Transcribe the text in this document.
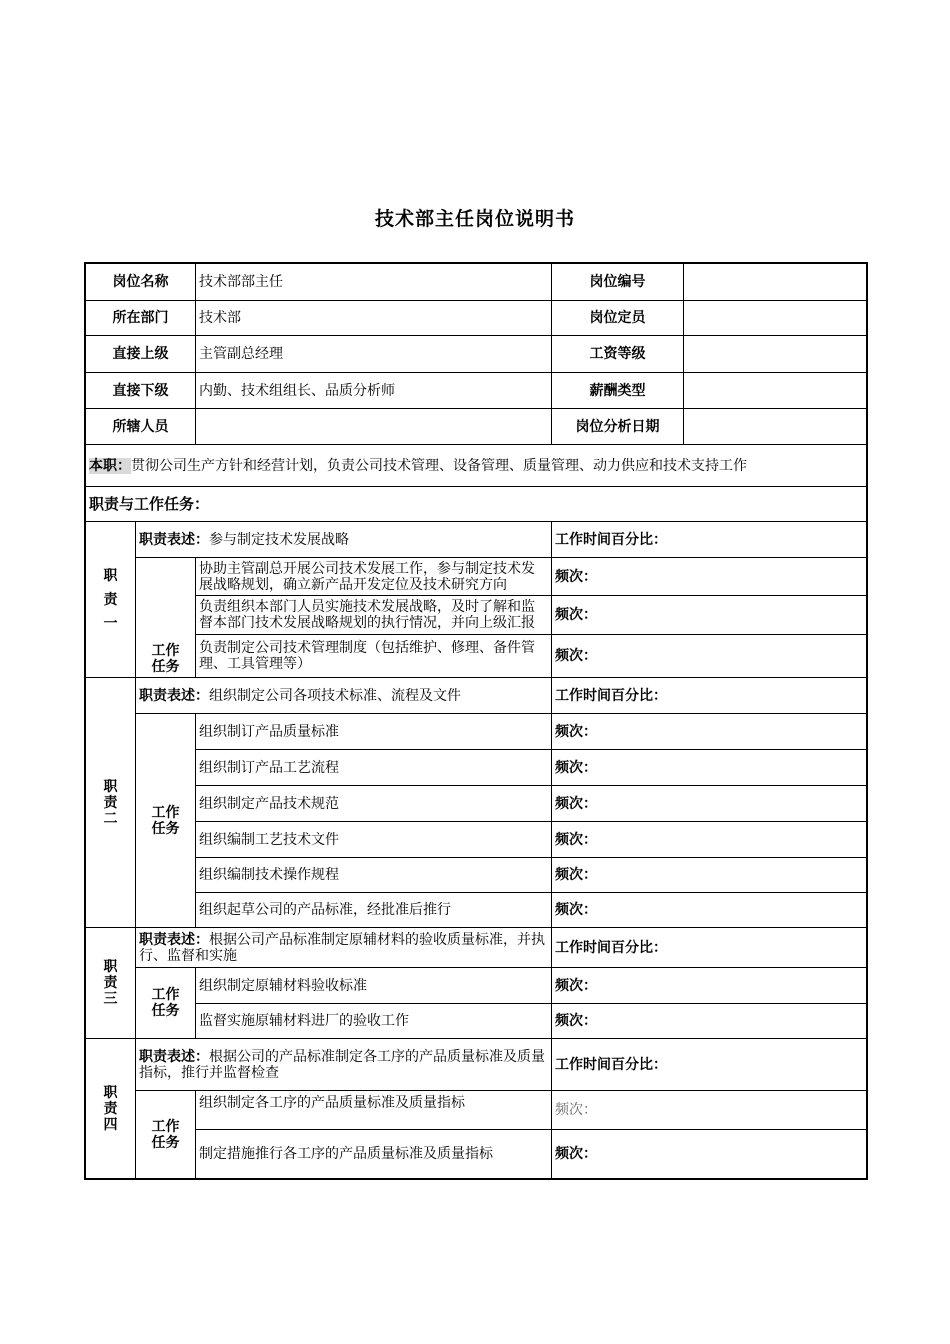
技术部主任岗位说明书
岗位名称		技术部部主任	岗位编号	
所在部门		技术部	岗位定员	
直接上级		主管副总经理	工资等级	
直接下级		内勤、技术组组长、品质分析师	薪酬类型	
所辖人员			岗位分析日期	
本职：贯彻公司生产方针和经营计划，负责公司技术管理、设备管理、质量管理、动力供应和技术支持工作				
职责与工作任务：				
职责一	职责表述：参与制定技术发展战略		工作时间百分比：	
	工作任务	协助主管副总开展公司技术发展工作，参与制定技术发展战略规划，确立新产品开发定位及技术研究方向	频次：	
		负责组织本部门人员实施技术发展战略，及时了解和监督本部门技术发展战略规划的执行情况，并向上级汇报	频次：	
		负责制定公司技术管理制度（包括维护、修理、备件管理、工具管理等）	频次：	
职责二	职责表述：组织制定公司各项技术标准、流程及文件		工作时间百分比：	
	工作任务	组织制订产品质量标准	频次：	
		组织制订产品工艺流程	频次：	
		组织制定产品技术规范	频次：	
		组织编制工艺技术文件	频次：	
		组织编制技术操作规程	频次：	
		组织起草公司的产品标准，经批准后推行	频次：	
职责三	职责表述：根据公司产品标准制定原辅材料的验收质量标准，并执行、监督和实施		工作时间百分比：	
	工作任务	组织制定原辅材料验收标准	频次：	
		监督实施原辅材料进厂的验收工作	频次：	
职责四	职责表述：根据公司的产品标准制定各工序的产品质量标准及质量指标，推行并监督检查		工作时间百分比：	
	工作任务	组织制定各工序的产品质量标准及质量指标	频次：	
		制定措施推行各工序的产品质量标准及质量指标	频次：	
